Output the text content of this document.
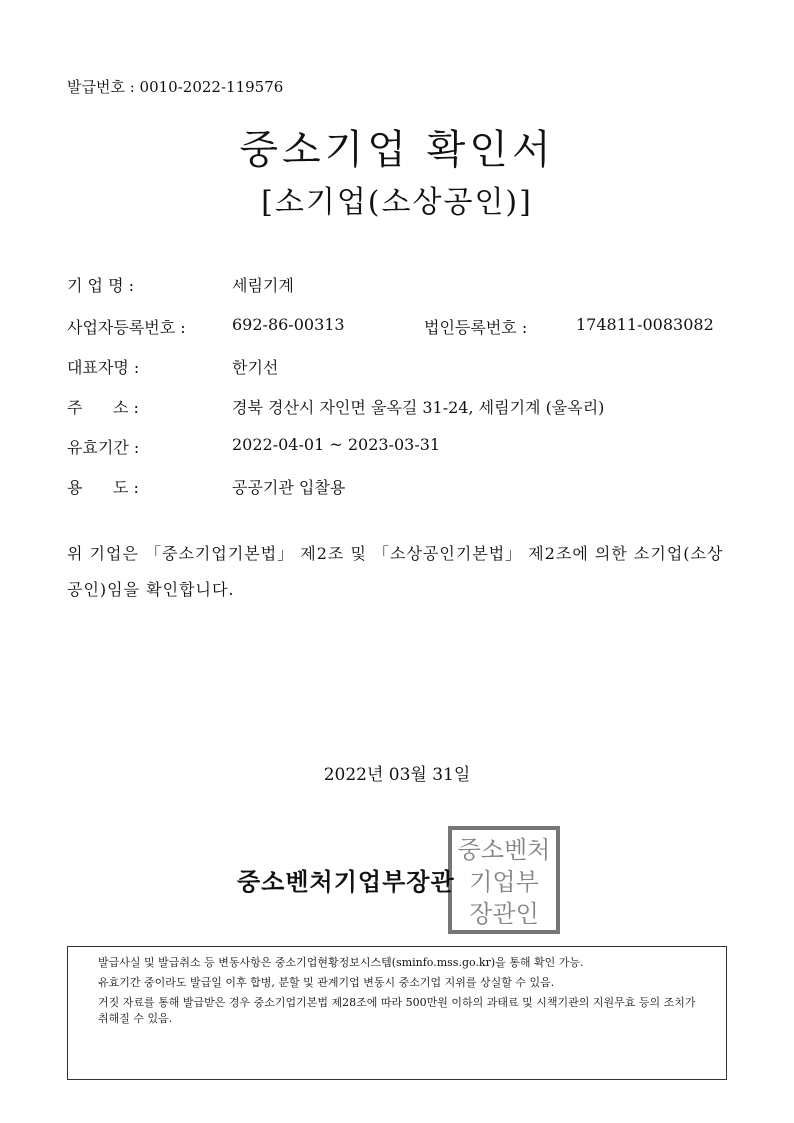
발급번호 : 0010-2022-119576
중소기업 확인서
[소기업(소상공인)]
기 업 명 :	세림기계
사업자등록번호 :	692-86-00313	법인등록번호 :	174811-0083082
대표자명 :	한기선
주      소 :	경북 경산시 자인면 울옥길 31-24, 세림기계 (울옥리)
유효기간 :	2022-04-01 ~ 2023-03-31
용      도 :	공공기관 입찰용
위 기업은 「중소기업기본법」 제2조 및 「소상공인기본법」 제2조에 의한 소기업(소상공인)임을 확인합니다.
2022년 03월 31일
중소벤처
기업부
장관인
중소벤처기업부장관
발급사실 및 발급취소 등 변동사항은 중소기업현황정보시스템(sminfo.mss.go.kr)을 통해 확인 가능.
유효기간 중이라도 발급일 이후 합병, 분할 및 관계기업 변동시 중소기업 지위를 상실할 수 있음.
거짓 자료를 통해 발급받은 경우 중소기업기본법 제28조에 따라 500만원 이하의 과태료 및 시책기관의 지원무효 등의 조치가 취해질 수 있음.
